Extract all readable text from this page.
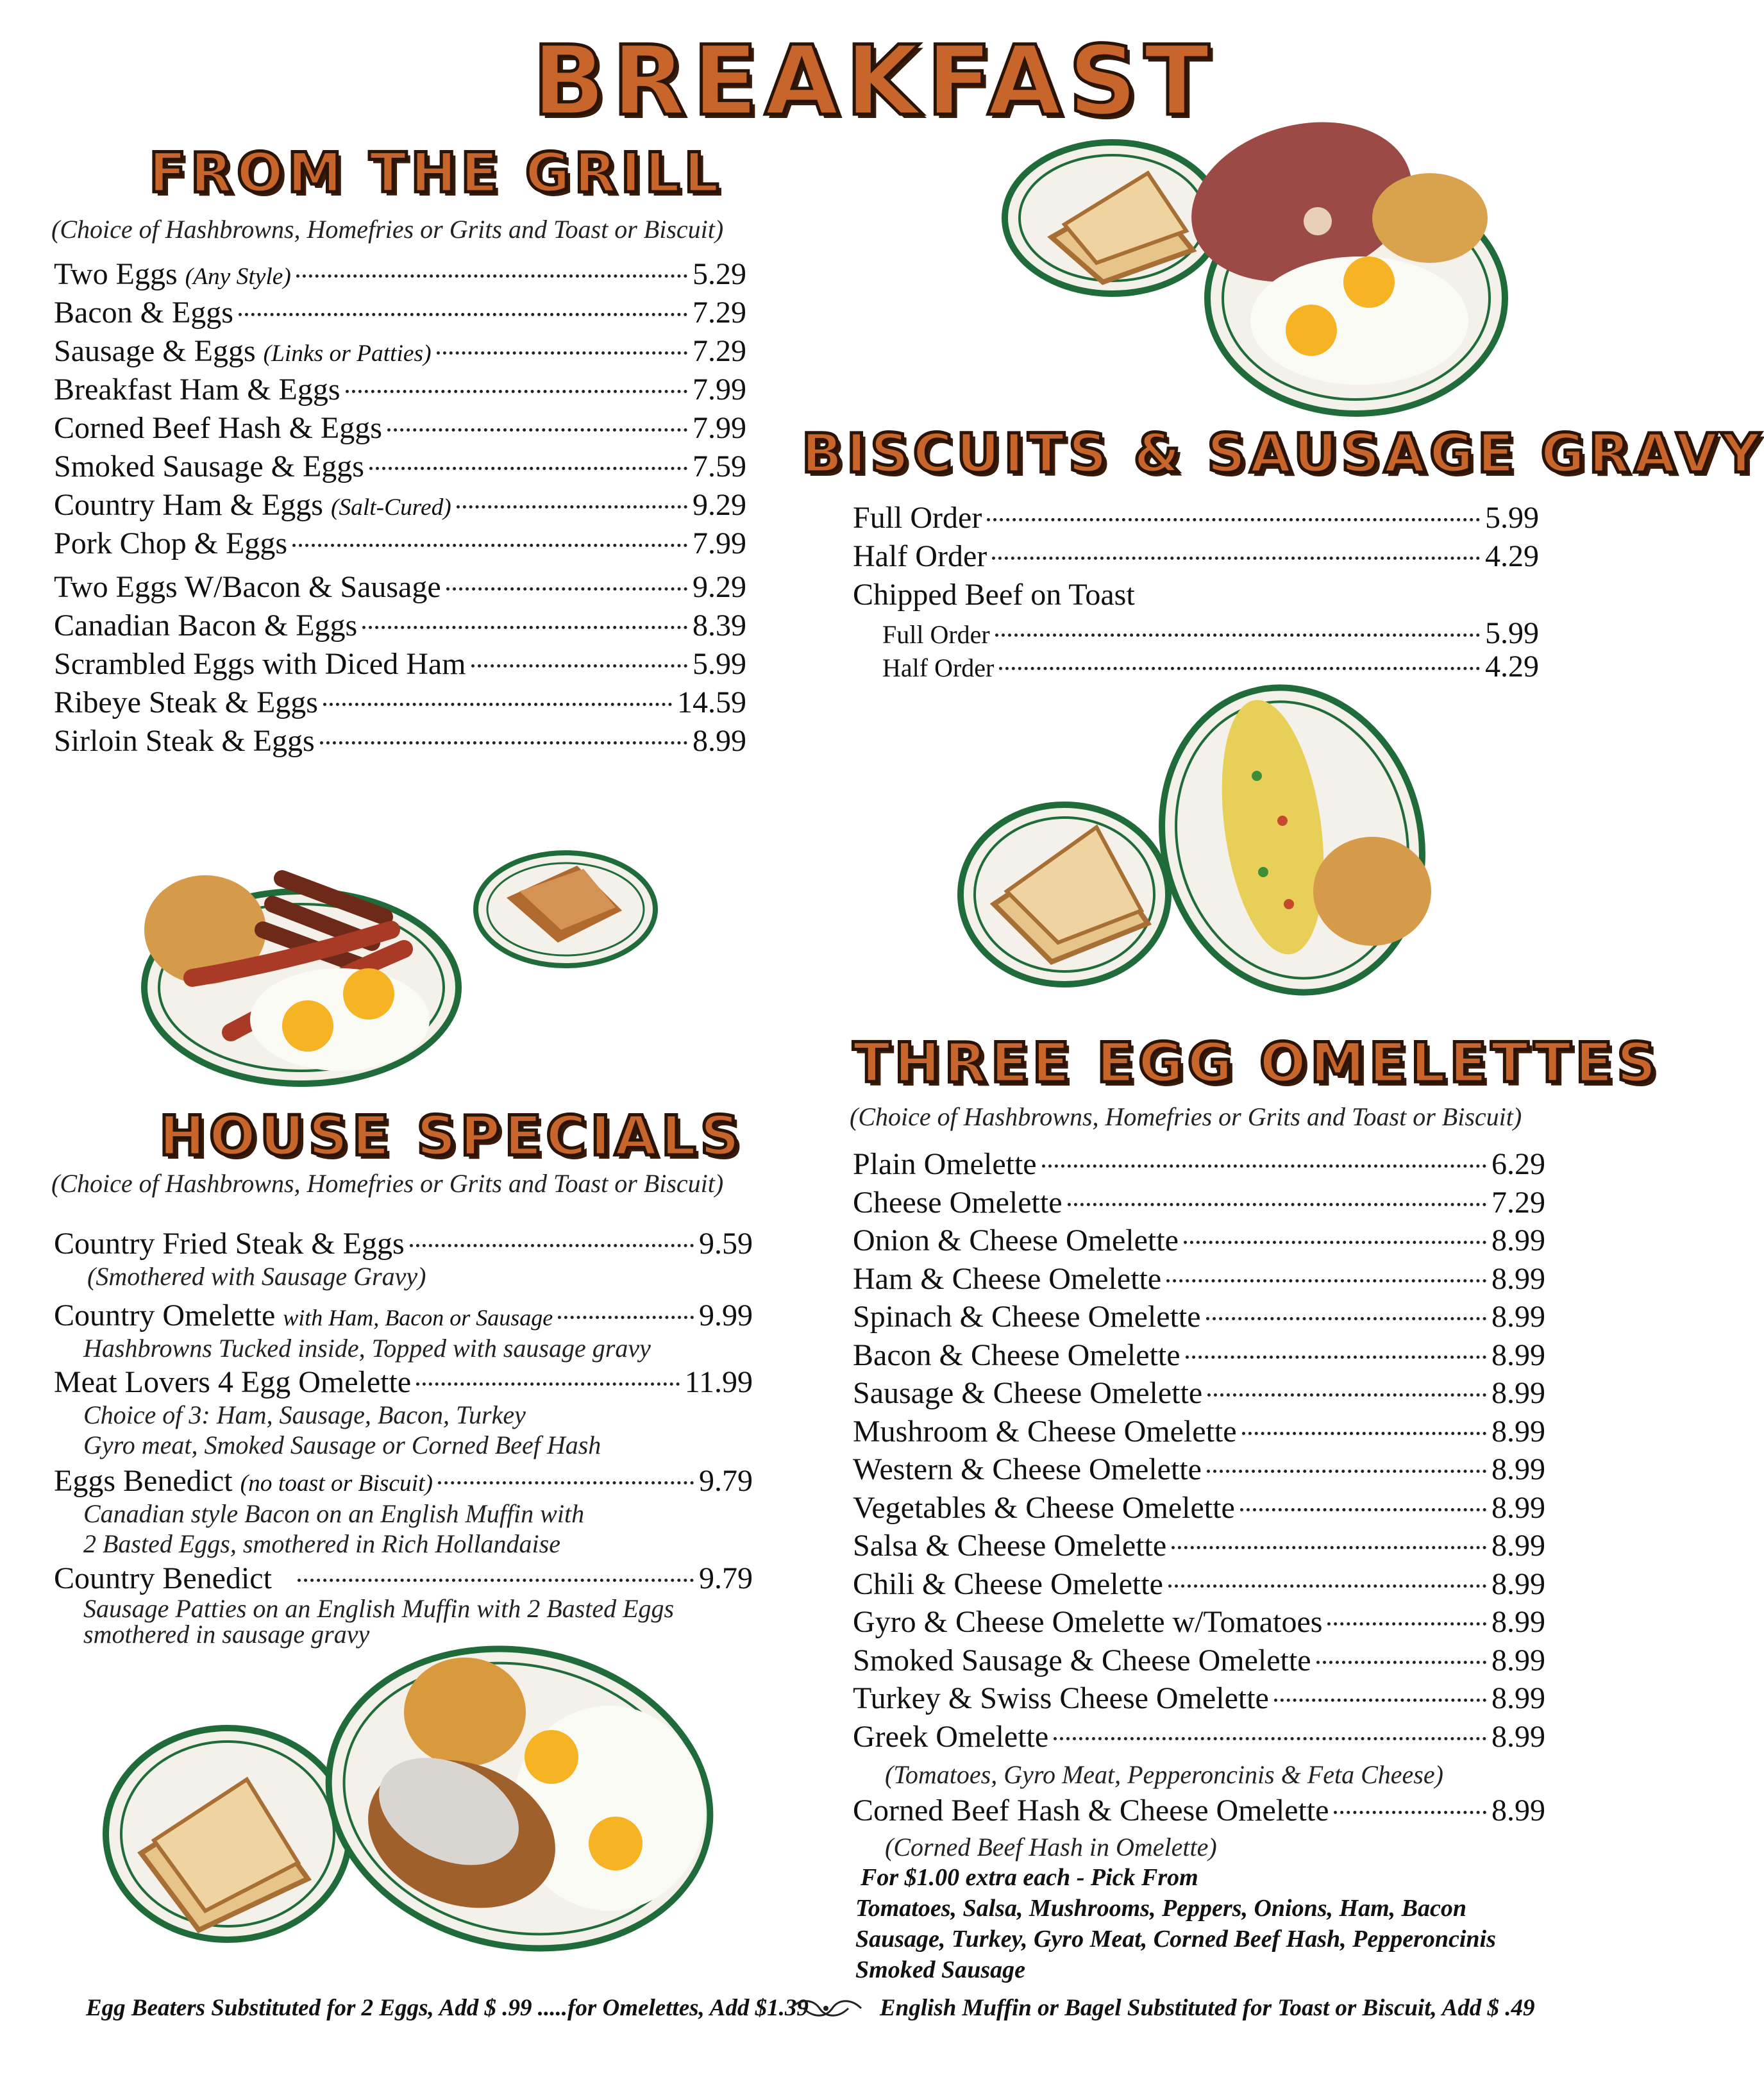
BREAKFAST
FROM THE GRILL
(Choice of Hashbrowns, Homefries or Grits and Toast or Biscuit)
Two Eggs (Any Style)	5.29
Bacon & Eggs	7.29
Sausage & Eggs (Links or Patties)	7.29
Breakfast Ham & Eggs	7.99
Corned Beef Hash & Eggs	7.99
Smoked Sausage & Eggs	7.59
Country Ham & Eggs (Salt-Cured)	9.29
Pork Chop & Eggs	7.99
Two Eggs W/Bacon & Sausage	9.29
Canadian Bacon & Eggs	8.39
Scrambled Eggs with Diced Ham	5.99
Ribeye Steak & Eggs	14.59
Sirloin Steak & Eggs	8.99
BISCUITS & SAUSAGE GRAVY
Full Order	5.99
Half Order	4.29
Chipped Beef on Toast
Full Order	5.99
Half Order	4.29
THREE EGG OMELETTES
(Choice of Hashbrowns, Homefries or Grits and Toast or Biscuit)
Plain Omelette	6.29
Cheese Omelette	7.29
Onion & Cheese Omelette	8.99
Ham & Cheese Omelette	8.99
Spinach & Cheese Omelette	8.99
Bacon & Cheese Omelette	8.99
Sausage & Cheese Omelette	8.99
Mushroom & Cheese Omelette	8.99
Western & Cheese Omelette	8.99
Vegetables & Cheese Omelette	8.99
Salsa & Cheese Omelette	8.99
Chili & Cheese Omelette	8.99
Gyro & Cheese Omelette w/Tomatoes	8.99
Smoked Sausage & Cheese Omelette	8.99
Turkey & Swiss Cheese Omelette	8.99
Greek Omelette	8.99
(Tomatoes, Gyro Meat, Pepperoncinis & Feta Cheese)
Corned Beef Hash & Cheese Omelette	8.99
(Corned Beef Hash in Omelette)
For $1.00 extra each - Pick From
Tomatoes, Salsa, Mushrooms, Peppers, Onions, Ham, Bacon
Sausage, Turkey, Gyro Meat, Corned Beef Hash, Pepperoncinis
Smoked Sausage
HOUSE SPECIALS
(Choice of Hashbrowns, Homefries or Grits and Toast or Biscuit)
Country Fried Steak & Eggs	9.59
(Smothered with Sausage Gravy)
Country Omelette with Ham, Bacon or Sausage	9.99
Hashbrowns Tucked inside, Topped with sausage gravy
Meat Lovers 4 Egg Omelette	11.99
Choice of 3: Ham, Sausage, Bacon, Turkey
Gyro meat, Smoked Sausage or Corned Beef Hash
Eggs Benedict (no toast or Biscuit)	9.79
Canadian style Bacon on an English Muffin with
2 Basted Eggs, smothered in Rich Hollandaise
Country Benedict	9.79
Sausage Patties on an English Muffin with 2 Basted Eggs
smothered in sausage gravy
Egg Beaters Substituted for 2 Eggs, Add $ .99 .....for Omelettes, Add $1.39	English Muffin or Bagel Substituted for Toast or Biscuit, Add $ .49
